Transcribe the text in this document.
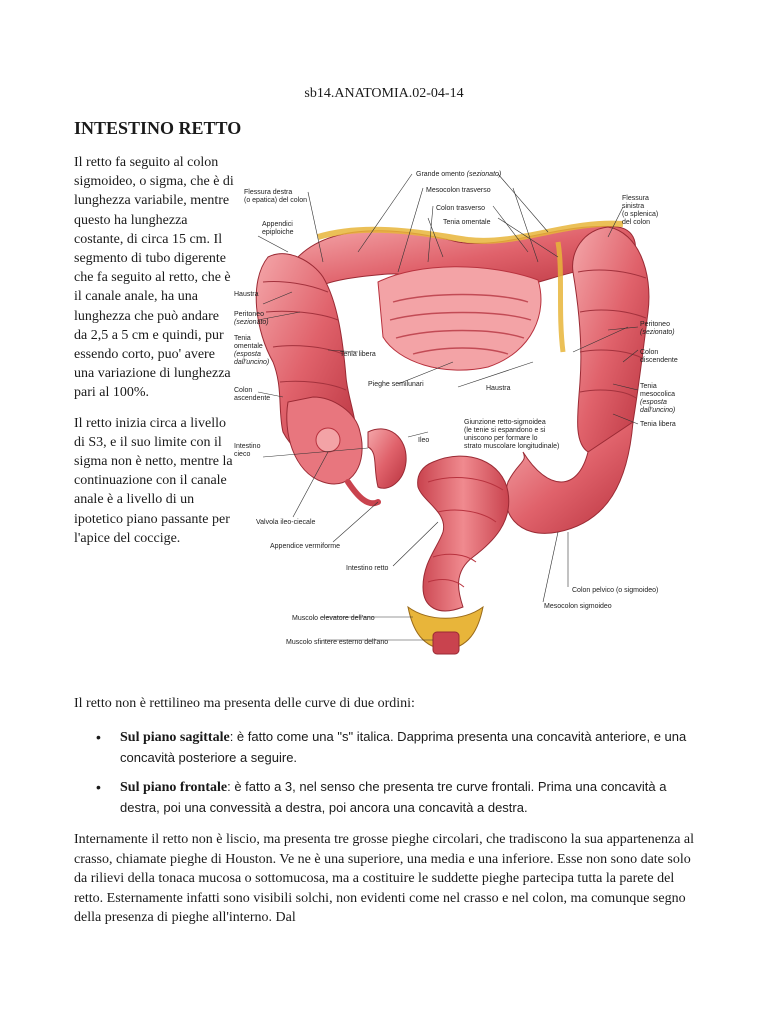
sb14.ANATOMIA.02-04-14
INTESTINO RETTO

Il retto fa seguito al colon sigmoideo, o sigma, che è di lunghezza variabile, mentre questo ha lunghezza costante, di circa 15 cm. Il segmento di tubo digerente che fa seguito al retto, che è il canale anale, ha una lunghezza che può andare da 2,5 a 5 cm e quindi, pur essendo corto, puo' avere una variazione di lunghezza pari al 100%.

Il retto inizia circa a livello di S3, e il suo limite con il sigma non è netto, mentre la continuazione con il canale anale è a livello di un ipotetico piano passante per l'apice del coccige.

Grande omento (sezionato)
Flessura destra
(o epatica) del colon
Mesocolon trasverso
Colon trasverso
Tenia omentale
Appendici
epiploiche
Flessura
sinistra
(o splenica)
del colon
Haustra
Peritoneo
(sezionato)
Tenia
omentale
(esposta
dall'uncino)
Tenia libera
Colon
ascendente
Pieghe semilunari
Haustra
Peritoneo
(sezionato)
Colon
discendente
Tenia
mesocolica
(esposta
dall'uncino)
Tenia libera
Ileo
Giunzione retto-sigmoidea
(le tenie si espandono e si
uniscono per formare lo
strato muscolare longitudinale)
Intestino
cieco
Valvola ileo-ciecale
Appendice vermiforme
Intestino retto
Colon pelvico (o sigmoideo)
Mesocolon sigmoideo
Muscolo elevatore dell'ano
Muscolo sfintere esterno dell'ano

Il retto non è rettilineo ma presenta delle curve di due ordini:

• Sul piano sagittale: è fatto come una "s" italica. Dapprima presenta una concavità anteriore, e una concavità posteriore a seguire.
• Sul piano frontale: è fatto a 3, nel senso che presenta tre curve frontali. Prima una concavità a destra, poi una convessità a destra, poi ancora una concavità a destra.

Internamente il retto non è liscio, ma presenta tre grosse pieghe circolari, che tradiscono la sua appartenenza al crasso, chiamate pieghe di Houston. Ve ne è una superiore, una media e una inferiore. Esse non sono date solo da rilievi della tonaca mucosa o sottomucosa, ma a costituire le suddette pieghe partecipa tutta la parete del retto. Esternamente infatti sono visibili solchi, non evidenti come nel crasso e nel colon, ma comunque segno della presenza di pieghe all'interno. Dal
